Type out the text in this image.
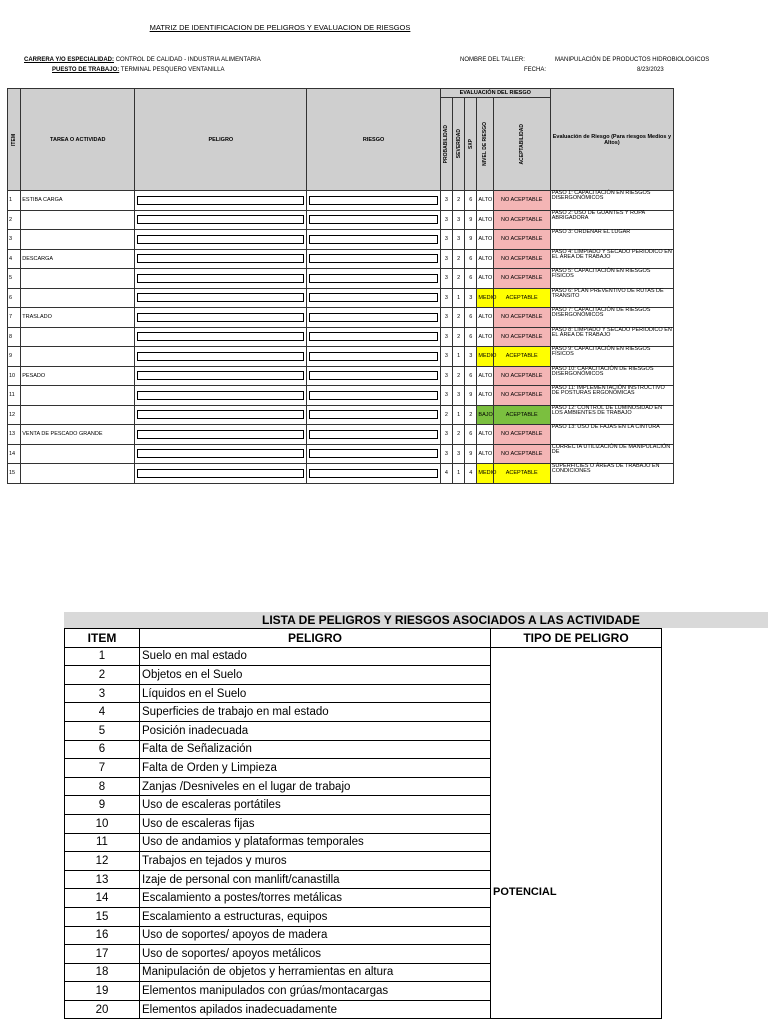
MATRIZ DE IDENTIFICACION DE PELIGROS Y EVALUACION DE RIESGOS
CARRERA Y/O ESPECIALIDAD: CONTROL DE CALIDAD - INDUSTRIA ALIMENTARIA
PUESTO DE TRABAJO: TERMINAL PESQUERO VENTANILLA
NOMBRE DEL TALLER:	MANIPULACIÓN DE PRODUCTOS HIDROBIOLOGICOS
FECHA:	8/23/2023
ITEM	TAREA O ACTIVIDAD	PELIGRO	RIESGO	EVALUACIÓN DEL RIESGO					Evaluación de Riesgo (Para riesgos Medios y Altos)

				PROBABILIDAD	SEVERIDAD	SXP	NIVEL DE RIESGO	ACEPTABILIDAD	

1	ESTIBA CARGA			3	2	6	ALTO	NO ACEPTABLE	PASO 1: CAPACITACIÓN EN RIESGOS DISERGONÓMICOS
2				3	3	9	ALTO	NO ACEPTABLE	PASO 2: USO DE GUANTES Y ROPA ABRIGADORA
3				3	3	9	ALTO	NO ACEPTABLE	PASO 3: ORDENAR EL LUGAR
4	DESCARGA			3	2	6	ALTO	NO ACEPTABLE	PASO 4: LIMPIADO Y SECADO PERIODICO EN EL ÁREA DE TRABAJO
5				3	2	6	ALTO	NO ACEPTABLE	PASO 5: CAPACITACIÓN EN RIESGOS FÍSICOS
6				3	1	3	MEDIO	ACEPTABLE	PASO 6: PLAN PREVENTIVO DE RUTAS DE TRANSITO
7	TRASLADO			3	2	6	ALTO	NO ACEPTABLE	PASO 7: CAPACITACIÓN DE RIESGOS DISERGONÓMICOS
8				3	2	6	ALTO	NO ACEPTABLE	PASO 8: LIMPIADO Y SECADO PERIODICO EN EL ÁREA DE TRABAJO
9				3	1	3	MEDIO	ACEPTABLE	PASO 9: CAPACITACIÓN EN RIESGOS FÍSICOS
10	PESADO			3	2	6	ALTO	NO ACEPTABLE	PASO 10: CAPACITACIÓN DE RIESGOS DISERGONÓMICOS
11				3	3	9	ALTO	NO ACEPTABLE	PASO 11: IMPLEMENTACIÓN INSTRUCTIVO DE POSTURAS ERGONÓMICAS
12				2	1	2	BAJO	ACEPTABLE	PASO 12: CONTROL DE LUMINOSIDAD EN LOS AMBIENTES DE TRABAJO
13	VENTA DE PESCADO GRANDE			3	2	6	ALTO	NO ACEPTABLE	PASO 13: USO DE FAJAS EN LA CINTURA
14				3	3	9	ALTO	NO ACEPTABLE	CORRECTA UTILIZACIÓN DE MANIPULACIÓN DE
15				4	1	4	MEDIO	ACEPTABLE	SUPERFICIES O ÁREAS DE TRABAJO EN CONDICIONES
LISTA DE PELIGROS Y RIESGOS ASOCIADOS A LAS ACTIVIDADE
ITEM	PELIGRO	TIPO DE PELIGRO
1	Suelo en mal estado	POTENCIAL

2	Objetos en el Suelo	
3	Líquidos en el Suelo	
4	Superficies de trabajo en mal estado	
5	Posición inadecuada	
6	Falta de Señalización	
7	Falta de Orden y Limpieza	
8	Zanjas /Desniveles en el lugar de trabajo	
9	Uso de escaleras portátiles	
10	Uso de escaleras fijas	
11	Uso de andamios y plataformas temporales	
12	Trabajos en tejados y muros	
13	Izaje de personal con manlift/canastilla	
14	Escalamiento a postes/torres metálicas	
15	Escalamiento a estructuras, equipos	
16	Uso de soportes/ apoyos de madera	
17	Uso de soportes/ apoyos metálicos	
18	Manipulación de objetos y herramientas en altura	
19	Elementos manipulados con grúas/montacargas	
20	Elementos apilados inadecuadamente	
